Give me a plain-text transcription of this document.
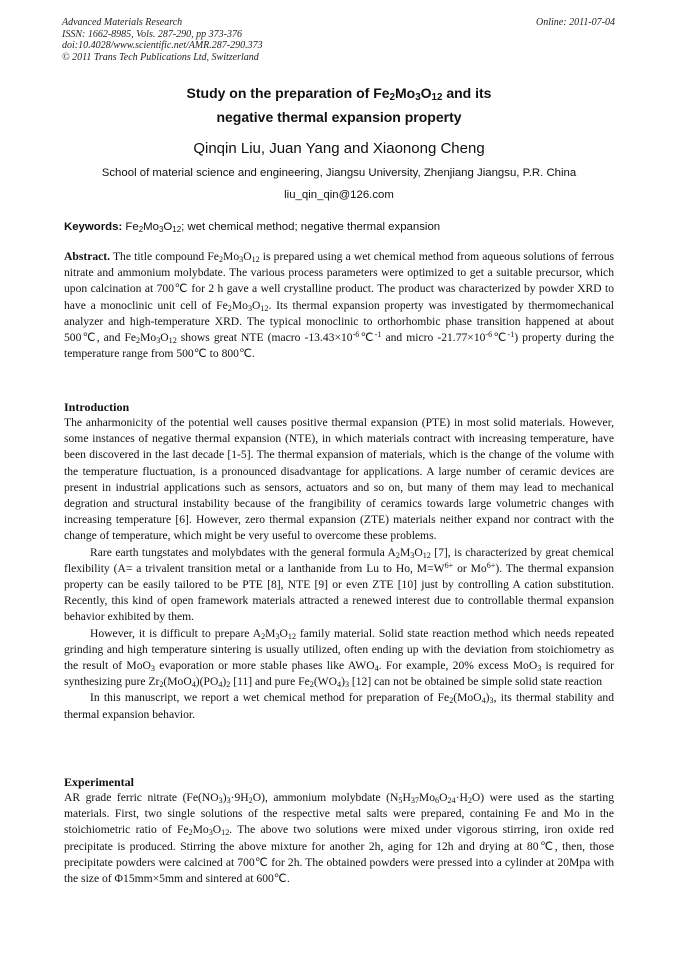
Advanced Materials Research
ISSN: 1662-8985, Vols. 287-290, pp 373-376
doi:10.4028/www.scientific.net/AMR.287-290.373
© 2011 Trans Tech Publications Ltd, Switzerland
Online: 2011-07-04
Study on the preparation of $Fe_2Mo_3O_{12}$ and its
negative thermal expansion property
Qinqin Liu, Juan Yang and Xiaonong Cheng
School of material science and engineering, Jiangsu University, Zhenjiang Jiangsu, P.R. China
liu_qin_qin@126.com
Keywords: $Fe_2Mo_3O_{12}$; wet chemical method; negative thermal expansion

Abstract. The title compound $Fe_2Mo_3O_{12}$ is prepared using a wet chemical method from aqueous solutions of ferrous nitrate and ammonium molybdate. The various process parameters were optimized to get a suitable precursor, which upon calcination at 700℃ for 2 h gave a well crystalline product. The product was characterized by powder XRD to have a monoclinic unit cell of $Fe_2Mo_3O_{12}$. Its thermal expansion property was investigated by thermomechanical analyzer and high-temperature XRD. The typical monoclinic to orthorhombic phase transition happened at about 500℃, and $Fe_2Mo_3O_{12}$ shows great NTE (macro $-13.43\times 10^{-6}℃^{-1}$ and micro $-21.77\times 10^{-6}℃^{-1}$) property during the temperature range from 500℃ to 800℃.

Introduction

The anharmonicity of the potential well causes positive thermal expansion (PTE) in most solid materials. However, some instances of negative thermal expansion (NTE), in which materials contract with increasing temperature, have been discovered in the last decade [1-5]. The thermal expansion of materials, which is the change of the volume with the temperature fluctuation, is a pronounced disadvantage for applications. A large number of ceramic devices are present in industrial applications such as sensors, actuators and so on, but many of them may lead to mechanical degration and structural instability because of the frangibility of ceramics towards large volumetric changes with increasing temperature [6]. However, zero thermal expansion (ZTE) materials neither expand nor contract with the change of temperature, which might be very useful to overcome these problems.

Rare earth tungstates and molybdates with the general formula $A_2M_3O_{12}$ [7], is characterized by great chemical flexibility (A= a trivalent transition metal or a lanthanide from Lu to Ho, $M=W^{6+}$ or $Mo^{6+}$). The thermal expansion property can be easily tailored to be PTE [8], NTE [9] or even ZTE [10] just by controlling A cation substitution. Recently, this kind of open framework materials attracted a renewed interest due to controllable thermal expansion behavior exhibited by them.

However, it is difficult to prepare $A_2M_3O_{12}$ family material. Solid state reaction method which needs repeated grinding and high temperature sintering is usually utilized, often ending up with the deviation from stoichiometry as the result of MoO$_3$ evaporation or more stable phases like $AWO_4$. For example, 20% excess MoO$_3$ is required for synthesizing pure $Zr_2(MoO_4)(PO_4)_2$ [11] and pure $Fe_2(WO_4)_3$ [12] can not be obtained be simple solid state reaction

In this manuscript, we report a wet chemical method for preparation of $Fe_2(MoO_4)_3$, its thermal stability and thermal expansion behavior.

Experimental

AR grade ferric nitrate $(Fe(NO_3)_3\cdot 9H_2O)$, ammonium molybdate $(N_5H_{37}Mo_6O_{24}\cdot H_2O)$ were used as the starting materials. First, two single solutions of the respective metal salts were prepared, containing Fe and Mo in the stoichiometric ratio of $Fe_2Mo_3O_{12}$. The above two solutions were mixed under vigorous stirring, iron oxide red precipitate is produced. Stirring the above mixture for another 2h, aging for 12h and drying at 80℃, then, those precipitate powders were calcined at 700℃ for 2h. The obtained powders were pressed into a cylinder at 20Mpa with the size of Φ15mm×5mm and sintered at 600℃.
